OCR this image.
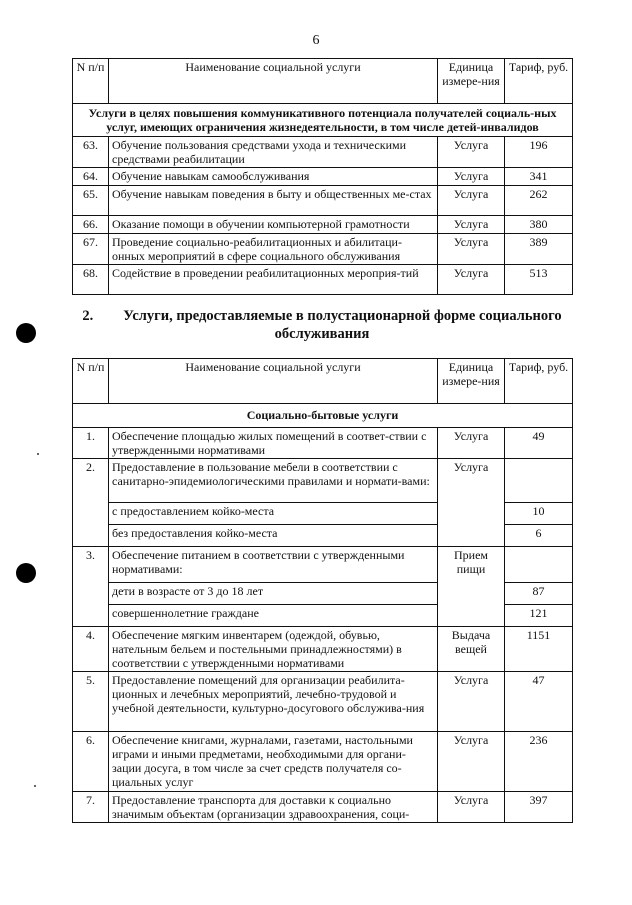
6
N п/п	Наименование социальной услуги	Единица измере-ния	Тариф, руб.
Услуги в целях повышения коммуникативного потенциала получателей социаль-ных услуг, имеющих ограничения жизнедеятельности, в том числе детей-инвалидов			
63.	Обучение пользования средствами ухода и техническими средствами реабилитации	Услуга	196
64.	Обучение навыкам самообслуживания	Услуга	341
65.	Обучение навыкам поведения в быту и общественных ме-стах	Услуга	262
66.	Оказание помощи в обучении компьютерной грамотности	Услуга	380
67.	Проведение социально-реабилитационных и абилитаци-онных мероприятий в сфере социального обслуживания	Услуга	389
68.	Содействие в проведении реабилитационных мероприя-тий	Услуга	513
2. Услуги, предоставляемые в полустационарной форме социального обслуживания
N п/п	Наименование социальной услуги	Единица измере-ния	Тариф, руб.
Социально-бытовые услуги			
1.	Обеспечение площадью жилых помещений в соответ-ствии с утвержденными нормативами	Услуга	49
2.	Предоставление в пользование мебели в соответствии с санитарно-эпидемиологическими правилами и нормати-вами:	Услуга	
	с предоставлением койко-места		10
	без предоставления койко-места		6
3.	Обеспечение питанием в соответствии с утвержденными нормативами:	Прием пищи	
	дети в возрасте от 3 до 18 лет		87
	совершеннолетние граждане		121
4.	Обеспечение мягким инвентарем (одеждой, обувью, нательным бельем и постельными принадлежностями) в соответствии с утвержденными нормативами	Выдача вещей	1151
5.	Предоставление помещений для организации реабилита-ционных и лечебных мероприятий, лечебно-трудовой и учебной деятельности, культурно-досугового обслужива-ния	Услуга	47
6.	Обеспечение книгами, журналами, газетами, настольными играми и иными предметами, необходимыми для органи-зации досуга, в том числе за счет средств получателя со-циальных услуг	Услуга	236
7.	Предоставление транспорта для доставки к социально значимым объектам (организации здравоохранения, соци-	Услуга	397
